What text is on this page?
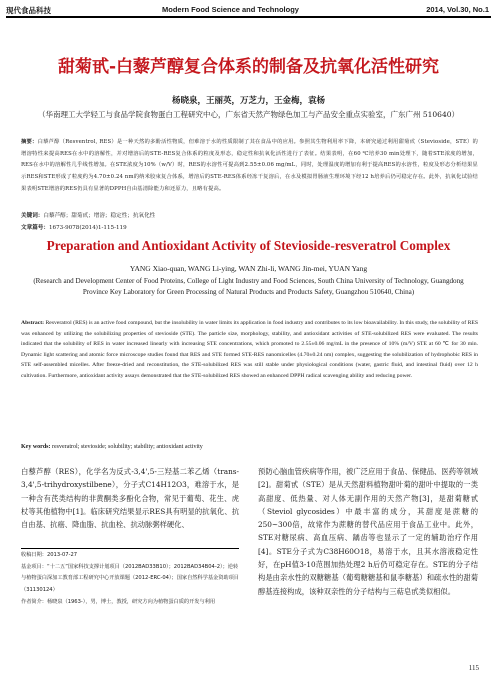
现代食品科技	Modern Food Science and Technology	2014, Vol.30, No.1
甜菊甙-白藜芦醇复合体系的制备及抗氧化活性研究
杨晓泉，王丽英，万芝力，王金梅，袁杨
（华南理工大学轻工与食品学院食物蛋白工程研究中心，广东省天然产物绿色加工与产品安全重点实验室，广东广州 510640）
摘要：白藜芦醇（Resventrol, RES）是一种天然的多酚活性物质，但难溶于水的性质限制了其在食品中的应用。参照其生物利用率下降，本研究通过利用甜菊甙（Stevioside，STE）的增溶特性来提高RES在水中的溶解性，并对增溶后的STE-RES复合体系的粒度及形态，稳定性和抗氧化活性进行了表征。结果表明，在60 ℃培养30 min处理下，随着STE浓度的增加，RES在水中的溶解性几乎线性增加。在STE浓度为10%（w/V）时，RES的水溶性可提高到2.55±0.06 mg/mL，同时，处理温度的增加有利于提高RES的水溶性，粒度及形态分析结果显示RES和STE形成了粒度约为4.70±0.24 nm的纳米胶束复合体系，增溶后的STE-RES体系经冻干复溶后，在水及模拟胃肠液生理环境下经12 h培养后仍可稳定存在。此外，抗氧化试验结果表明STE增溶的RES仍具有显著的DPPH自由基清除能力和还原力，且略有提高。
关键词：白藜芦醇；甜菊甙；增溶；稳定性；抗氧化性
文章篇号：1673-9078(2014)1-115-119
Preparation and Antioxidant Activity of Stevioside-resveratrol Complex
YANG Xiao-quan, WANG Li-ying, WAN Zhi-li, WANG Jin-mei, YUAN Yang
(Research and Development Center of Food Proteins, College of Light Industry and Food Sciences, South China University of Technology, Guangdong Province Key Laboratory for Green Processing of Natural Products and Products Safety, Guangzhou 510640, China)
Abstract: Resveratrol (RES) is an active food compound, but the insolubility in water limits its application in food industry and contributes to its low bioavailability. In this study, the solubility of RES was enhanced by utilizing the solubilizing properties of stevioside (STE). The particle size, morphology, stability, and antioxidant activities of STE-solubilized RES were evaluated. The results indicated that the solubility of RES in water increased linearly with increasing STE concentrations, which promoted to 2.55±0.06 mg/mL in the presence of 10% (m/V) STE at 60 ℃ for 30 min. Dynamic light scattering and atomic force microscope studies found that RES and STE formed STE-RES nanomicelles (4.70±0.24 nm) complex, suggesting the solubilization of hydrophobic RES in STE self-assembled micelles. After freeze-dried and reconstitution, the STE-solubilized RES was still stable under physiological conditions (water, gastric fluid, and intestinal fluid) over 12 h cultivation. Furthermore, antioxidant activity assays demonstrated that the STE-solubilized RES showed an enhanced DPPH radical scavenging ability and reducing power.
Key words: resveratrol; stevioside; solubility; stability; antioxidant activity
白藜芦醇（RES），化学名为反式-3,4',5-三羟基二苯乙烯（trans-3,4',5-trihydroxystilbene），分子式C14H12O3，难溶于水，是一种含有芪类结构的非黄酮类多酚化合物，常见于葡萄、花生、虎杖等其他植物中[1]。临床研究结果显示RES具有明显的抗氧化、抗自由基、抗癌、降血脂、抗血栓、抗动脉粥样硬化、
预防心脑血管疾病等作用，被广泛应用于食品、保健品、医药等领域[2]。甜菊甙（STE）是从天然甜料植物甜叶菊的甜叶中提取的一类高甜度、低热量、对人体无副作用的天然产物[3]，是甜菊糖甙（Steviol glycosides）中最丰富的成分，其甜度是蔗糖的250~300倍，故常作为蔗糖的替代品应用于食品工业中。此外，STE对糖尿病、高血压病、龋齿等也显示了一定的辅助治疗作用[4]。STE分子式为C38H60O18，易溶于水，且其水溶液稳定性好，在pH值3-10范围加热处理2 h后仍可稳定存在。STE的分子结构是由亲水性的双糖糖基（葡萄糖糖基和鼠李糖基）和疏水性的甜菊醇基连接构成，该种双亲性的分子结构与三萜皂甙类似相似。
收稿日期：2013-07-27
基金项目：“十二五”国家科技支撑计划项目（2012BAD33B10）；2012BAD34B04-2）；逆转与植物蛋白深加工教育部工程研究中心开放课题（2012-ERC-04）；国家自然科学基金资助项目（31130124）
作者简介：杨晓泉（1963-），男，博士，教授，研究方向为植物蛋白质的开发与利用
115
